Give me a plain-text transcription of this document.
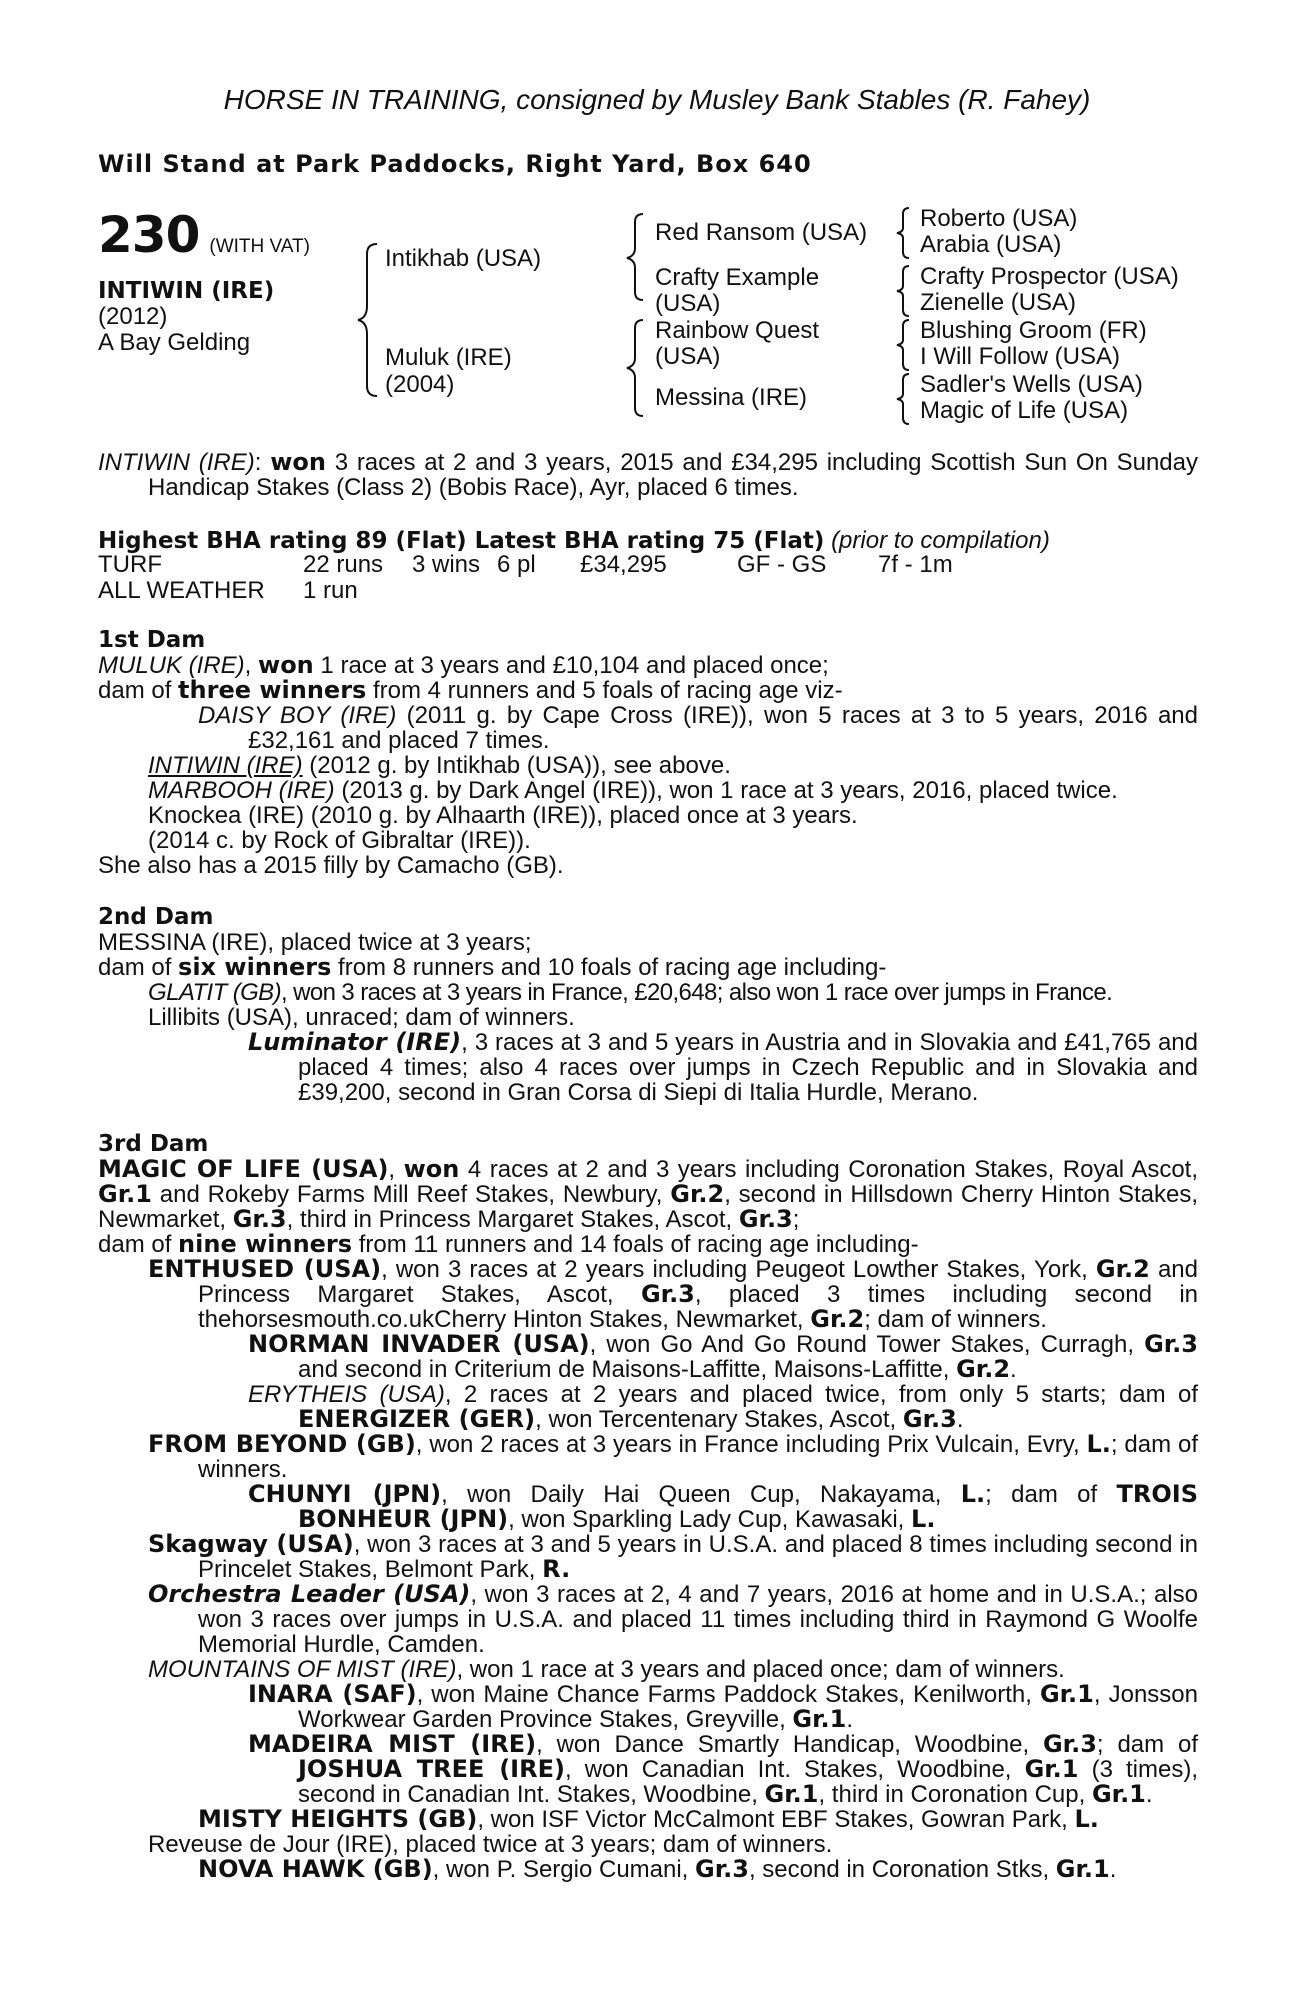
HORSE IN TRAINING, consigned by Musley Bank Stables (R. Fahey)
Will Stand at Park Paddocks, Right Yard, Box 640
230 (WITH VAT)
INTIWIN (IRE)
(2012)
A Bay Gelding
Intikhab (USA)
Muluk (IRE)
(2004)
Red Ransom (USA)
Crafty Example
(USA)
Rainbow Quest
(USA)
Messina (IRE)
Roberto (USA)
Arabia (USA)
Crafty Prospector (USA)
Zienelle (USA)
Blushing Groom (FR)
I Will Follow (USA)
Sadler's Wells (USA)
Magic of Life (USA)

INTIWIN (IRE): won 3 races at 2 and 3 years, 2015 and £34,295 including Scottish Sun On Sunday Handicap Stakes (Class 2) (Bobis Race), Ayr, placed 6 times.

Highest BHA rating 89 (Flat) Latest BHA rating 75 (Flat) (prior to compilation)

TURF	22 runs 3 wins 6 pl £34,295	GF - GS 7f - 1m
ALL WEATHER 1 run

1st Dam

MULUK (IRE), won 1 race at 3 years and £10,104 and placed once;

dam of three winners from 4 runners and 5 foals of racing age viz-

DAISY BOY (IRE) (2011 g. by Cape Cross (IRE)), won 5 races at 3 to 5 years, 2016 and £32,161 and placed 7 times.

INTIWIN (IRE) (2012 g. by Intikhab (USA)), see above.

MARBOOH (IRE) (2013 g. by Dark Angel (IRE)), won 1 race at 3 years, 2016, placed twice.

Knockea (IRE) (2010 g. by Alhaarth (IRE)), placed once at 3 years.

(2014 c. by Rock of Gibraltar (IRE)).

She also has a 2015 filly by Camacho (GB).

2nd Dam

MESSINA (IRE), placed twice at 3 years;

dam of six winners from 8 runners and 10 foals of racing age including-

GLATIT (GB), won 3 races at 3 years in France, £20,648; also won 1 race over jumps in France.

Lillibits (USA), unraced; dam of winners.

Luminator (IRE), 3 races at 3 and 5 years in Austria and in Slovakia and £41,765 and placed 4 times; also 4 races over jumps in Czech Republic and in Slovakia and £39,200, second in Gran Corsa di Siepi di Italia Hurdle, Merano.

3rd Dam

MAGIC OF LIFE (USA), won 4 races at 2 and 3 years including Coronation Stakes, Royal Ascot, Gr.1 and Rokeby Farms Mill Reef Stakes, Newbury, Gr.2, second in Hillsdown Cherry Hinton Stakes, Newmarket, Gr.3, third in Princess Margaret Stakes, Ascot, Gr.3;

dam of nine winners from 11 runners and 14 foals of racing age including-

ENTHUSED (USA), won 3 races at 2 years including Peugeot Lowther Stakes, York, Gr.2 and Princess Margaret Stakes, Ascot, Gr.3, placed 3 times including second in thehorsesmouth.co.ukCherry Hinton Stakes, Newmarket, Gr.2; dam of winners.

NORMAN INVADER (USA), won Go And Go Round Tower Stakes, Curragh, Gr.3 and second in Criterium de Maisons-Laffitte, Maisons-Laffitte, Gr.2.

ERYTHEIS (USA), 2 races at 2 years and placed twice, from only 5 starts; dam of ENERGIZER (GER), won Tercentenary Stakes, Ascot, Gr.3.

FROM BEYOND (GB), won 2 races at 3 years in France including Prix Vulcain, Evry, L.; dam of winners.

CHUNYI (JPN), won Daily Hai Queen Cup, Nakayama, L.; dam of TROIS BONHEUR (JPN), won Sparkling Lady Cup, Kawasaki, L.

Skagway (USA), won 3 races at 3 and 5 years in U.S.A. and placed 8 times including second in Princelet Stakes, Belmont Park, R.

Orchestra Leader (USA), won 3 races at 2, 4 and 7 years, 2016 at home and in U.S.A.; also won 3 races over jumps in U.S.A. and placed 11 times including third in Raymond G Woolfe Memorial Hurdle, Camden.

MOUNTAINS OF MIST (IRE), won 1 race at 3 years and placed once; dam of winners.

INARA (SAF), won Maine Chance Farms Paddock Stakes, Kenilworth, Gr.1, Jonsson Workwear Garden Province Stakes, Greyville, Gr.1.

MADEIRA MIST (IRE), won Dance Smartly Handicap, Woodbine, Gr.3; dam of JOSHUA TREE (IRE), won Canadian Int. Stakes, Woodbine, Gr.1 (3 times), second in Canadian Int. Stakes, Woodbine, Gr.1, third in Coronation Cup, Gr.1.

MISTY HEIGHTS (GB), won ISF Victor McCalmont EBF Stakes, Gowran Park, L.

Reveuse de Jour (IRE), placed twice at 3 years; dam of winners.

NOVA HAWK (GB), won P. Sergio Cumani, Gr.3, second in Coronation Stks, Gr.1.
